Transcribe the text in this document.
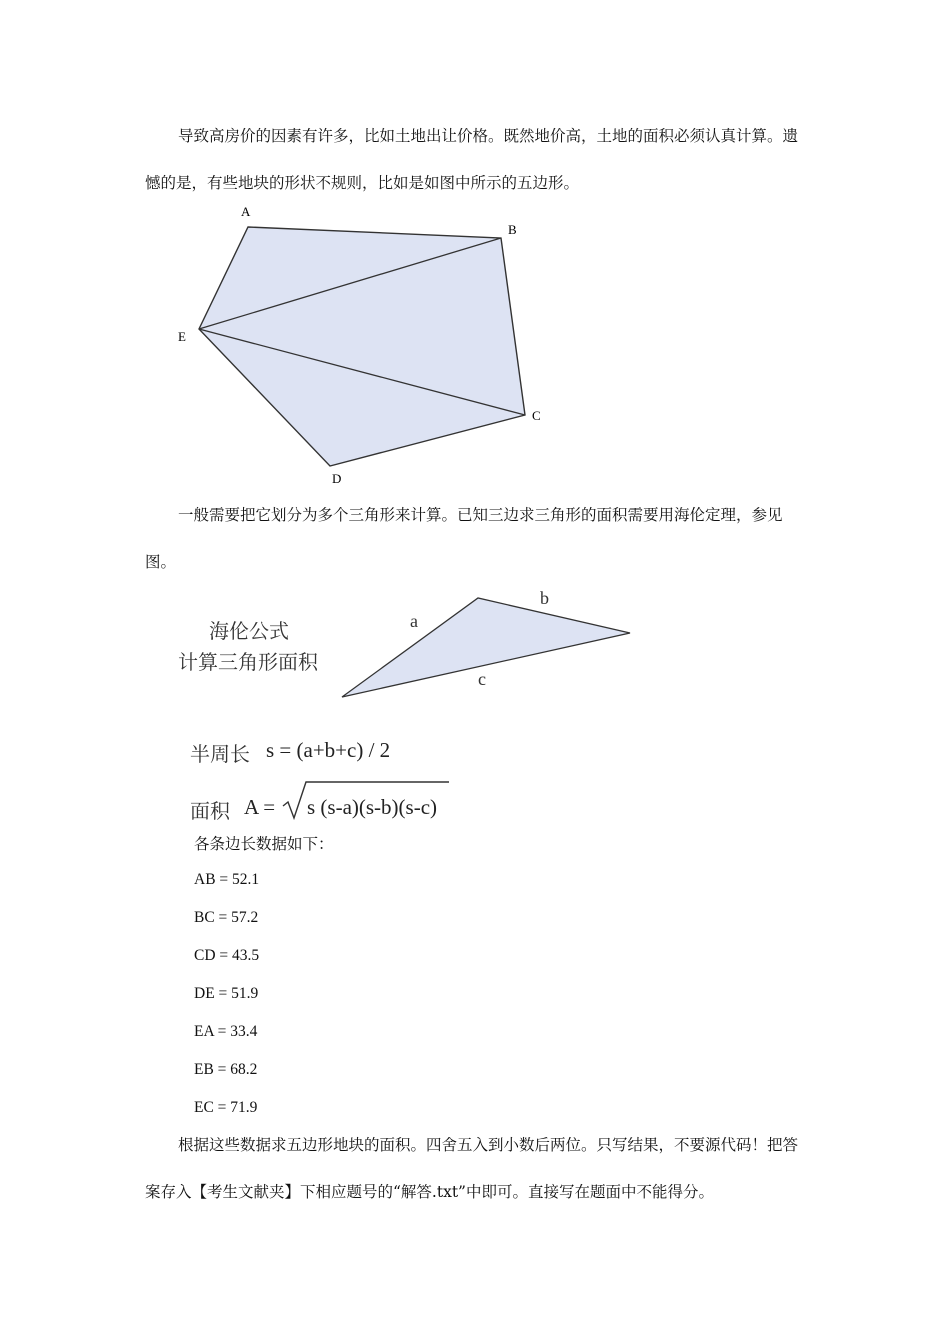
导致高房价的因素有许多，比如土地出让价格。既然地价高，土地的面积必须认真计算。遗憾的是，有些地块的形状不规则，比如是如图中所示的五边形。
A
B
C
D
E
一般需要把它划分为多个三角形来计算。已知三边求三角形的面积需要用海伦定理，参见图。
海伦公式
计算三角形面积
a
b
c
半周长 s = (a+b+c) / 2
面积 A = s (s-a)(s-b)(s-c)
各条边长数据如下：
AB = 52.1
BC = 57.2
CD = 43.5
DE = 51.9
EA = 33.4
EB = 68.2
EC = 71.9
根据这些数据求五边形地块的面积。四舍五入到小数后两位。只写结果，不要源代码！把答案存入【考生文献夹】下相应题号的“解答.txt”中即可。直接写在题面中不能得分。
